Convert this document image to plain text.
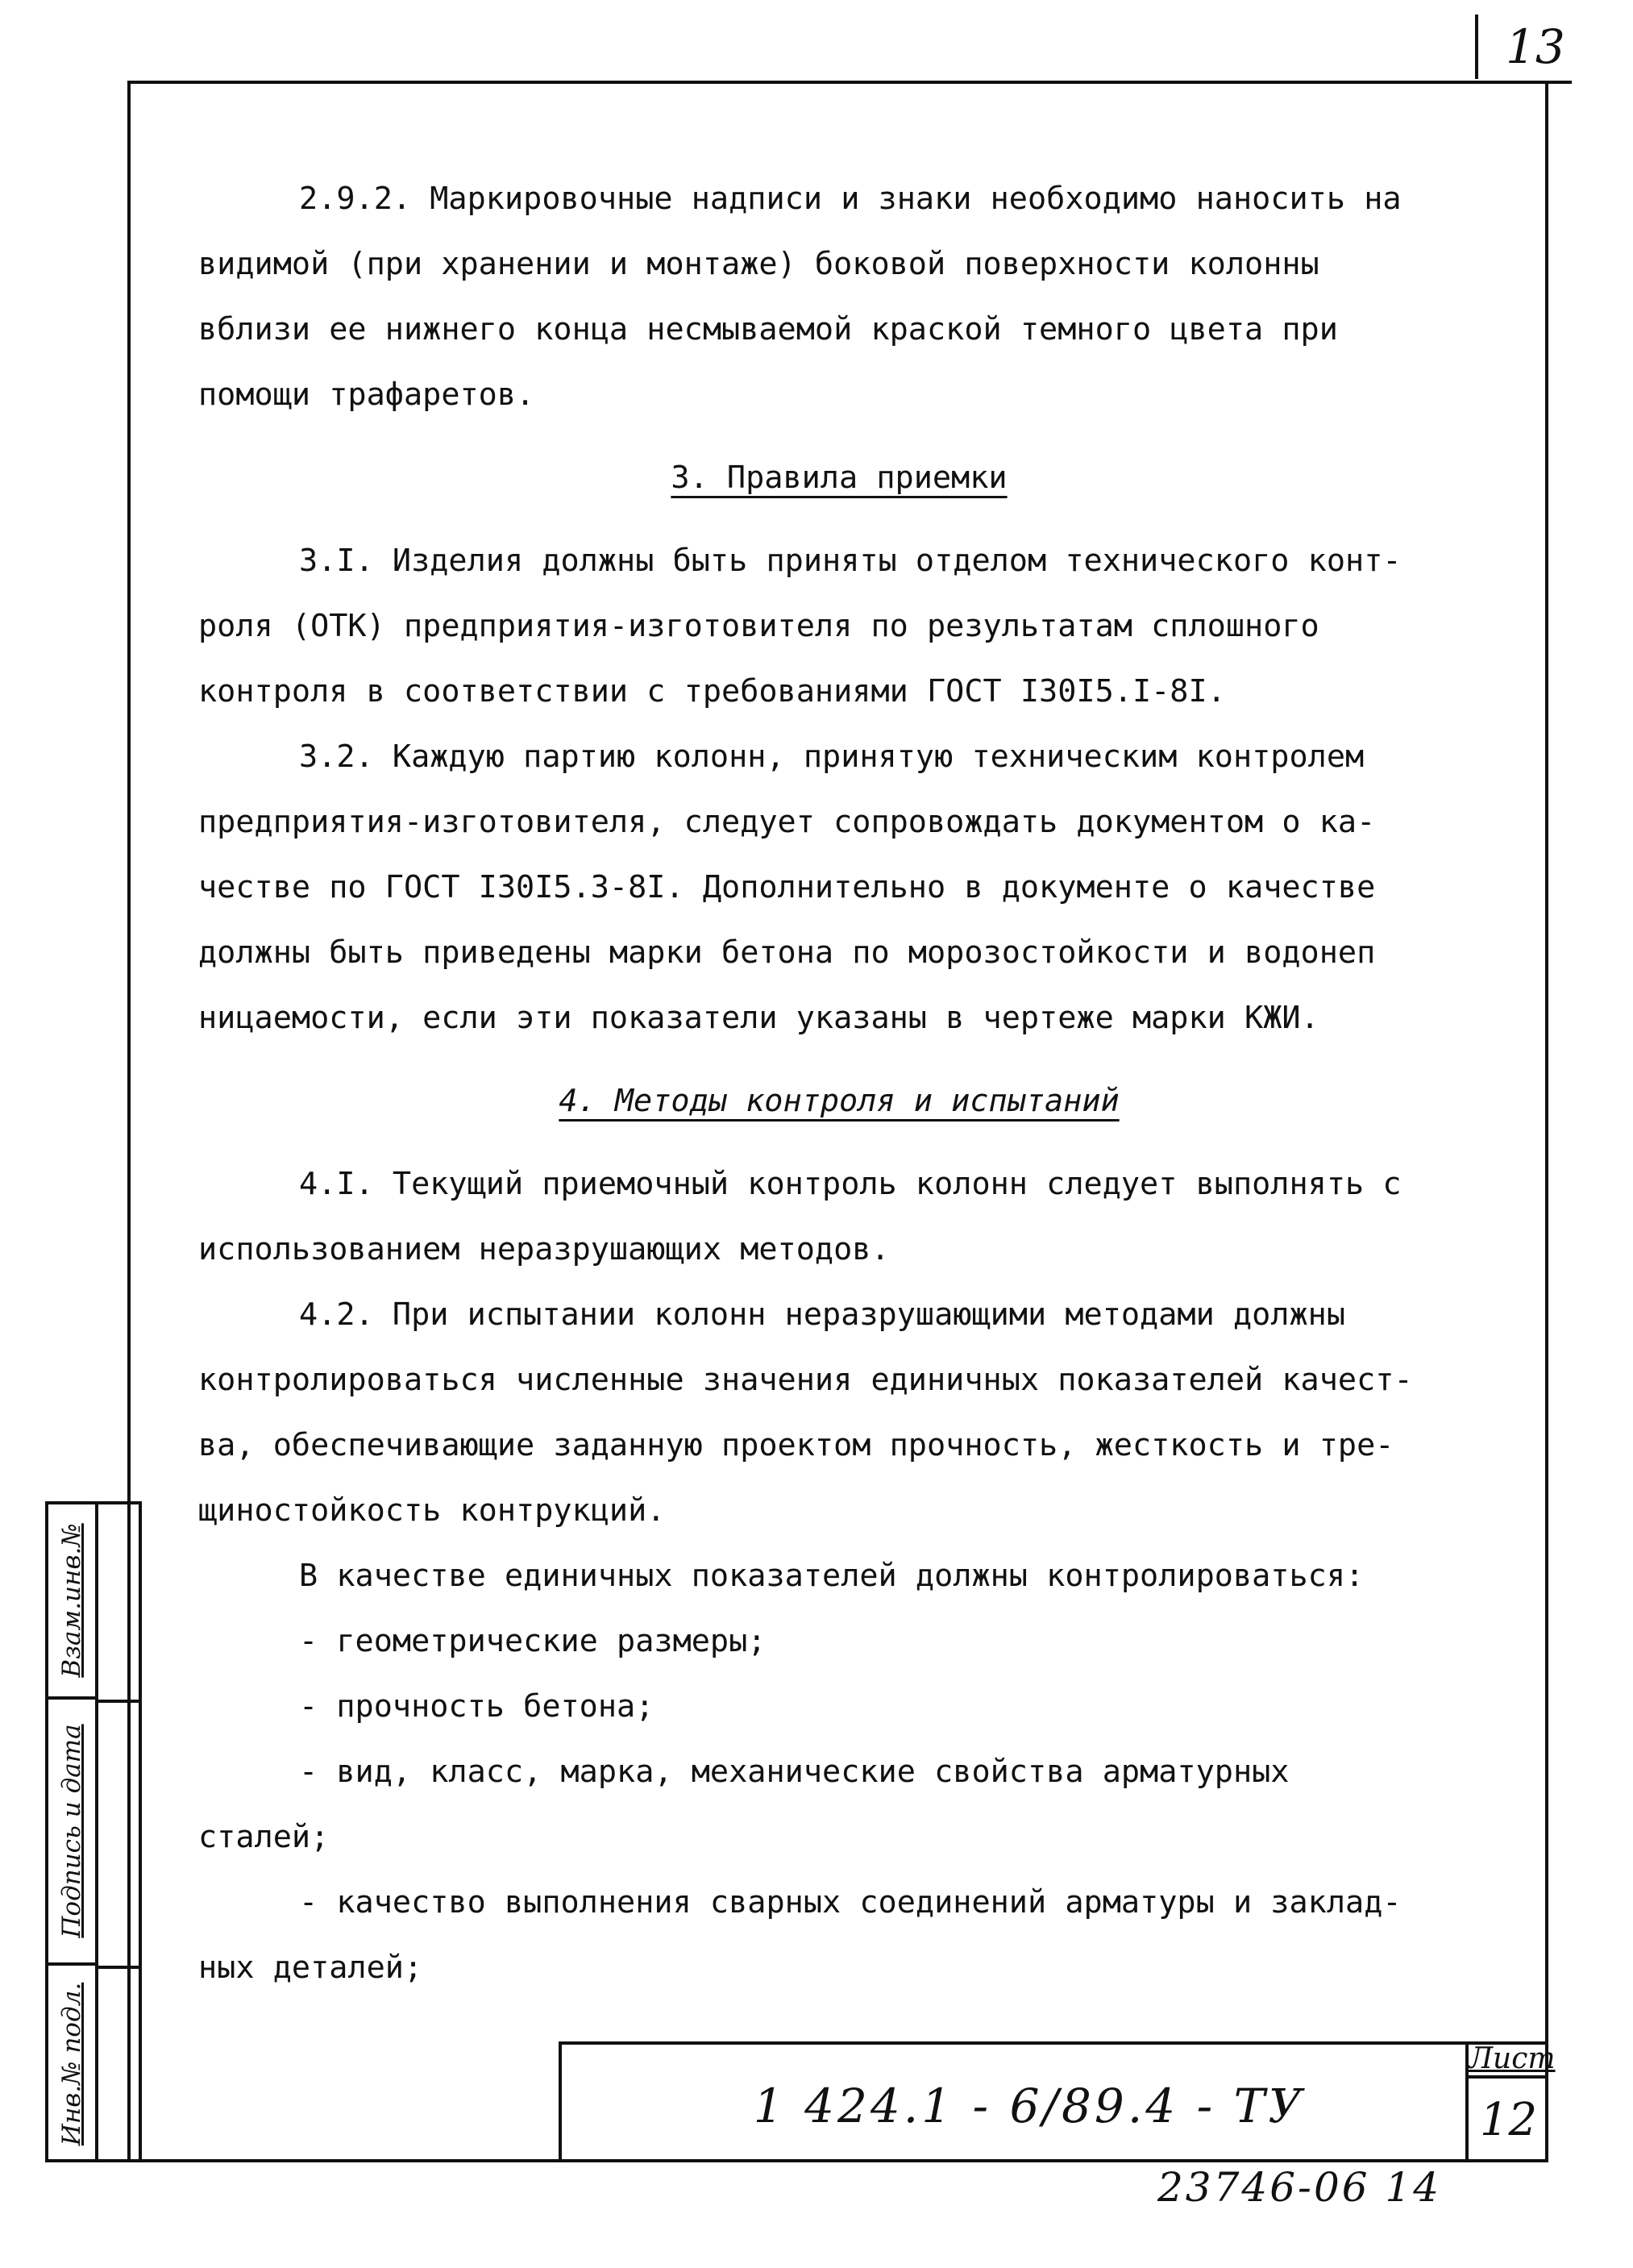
13

2.9.2. Маркировочные надписи и знаки необходимо наносить на

видимой (при хранении и монтаже) боковой поверхности колонны

вблизи ее нижнего конца несмываемой краской темного цвета при

помощи трафаретов.

3. Правила приемки

3.I. Изделия должны быть приняты отделом технического конт-

роля (ОТК) предприятия-изготовителя по результатам сплошного

контроля в соответствии с требованиями ГОСТ I30I5.I-8I.

3.2. Каждую партию колонн, принятую техническим контролем

предприятия-изготовителя, следует сопровождать документом о ка-

честве по ГОСТ I30I5.3-8I. Дополнительно в документе о качестве

должны быть приведены марки бетона по морозостойкости и водонеп

ницаемости, если эти показатели указаны в чертеже марки КЖИ.

4. Методы контроля и испытаний

4.I. Текущий приемочный контроль колонн следует выполнять с

использованием неразрушающих методов.

4.2. При испытании колонн неразрушающими методами должны

контролироваться численные значения единичных показателей качест-

ва, обеспечивающие заданную проектом прочность, жесткость и тре-

щиностойкость контрукций.

В качестве единичных показателей должны контролироваться:

- геометрические размеры;

- прочность бетона;

- вид, класс, марка, механические свойства арматурных

сталей;

- качество выполнения сварных соединений арматуры и заклад-

ных деталей;

Взам.инв.№
Подпись и дата
Инв.№ подл.	1 424.1 - 6/89.4 - ТУ
Лист
12
23746-06 14
